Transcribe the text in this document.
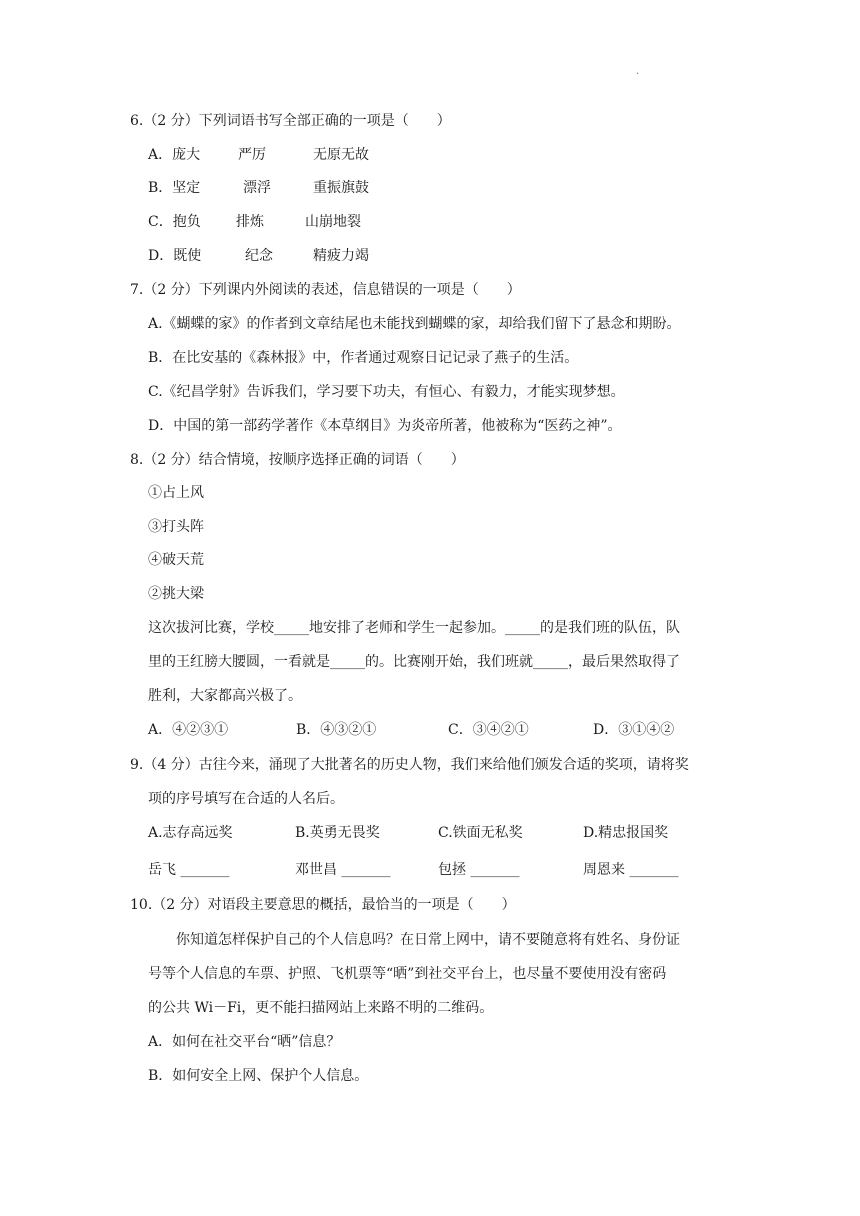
.
6.（2 分）下列词语书写全部正确的一项是（　　）
A．庞大	严厉	无原无故
B．坚定	漂浮	重振旗鼓
C．抱负	排炼	山崩地裂
D．既使	纪念	精疲力竭
7.（2 分）下列课内外阅读的表述，信息错误的一项是（　　）
A.《蝴蝶的家》的作者到文章结尾也未能找到蝴蝶的家，却给我们留下了悬念和期盼。
B．在比安基的《森林报》中，作者通过观察日记记录了燕子的生活。
C.《纪昌学射》告诉我们，学习要下功夫，有恒心、有毅力，才能实现梦想。
D．中国的第一部药学著作《本草纲目》为炎帝所著，他被称为“医药之神”。
8.（2 分）结合情境，按顺序选择正确的词语（　　）
①占上风
③打头阵
④破天荒
②挑大梁
这次拔河比赛，学校_____地安排了老师和学生一起参加。_____的是我们班的队伍，队
里的王红膀大腰圆，一看就是_____的。比赛刚开始，我们班就_____，最后果然取得了
胜利，大家都高兴极了。
A．④②③①	B．④③②①	C．③④②①	D．③①④②
9.（4 分）古往今来，涌现了大批著名的历史人物，我们来给他们颁发合适的奖项，请将奖
项的序号填写在合适的人名后。
A.志存高远奖	B.英勇无畏奖	C.铁面无私奖	D.精忠报国奖
岳飞 _______	邓世昌 _______	包拯 _______	周恩来 _______
10.（2 分）对语段主要意思的概括，最恰当的一项是（　　）
你知道怎样保护自己的个人信息吗？在日常上网中，请不要随意将有姓名、身份证
号等个人信息的车票、护照、飞机票等“晒”到社交平台上，也尽量不要使用没有密码
的公共 Wi－Fi，更不能扫描网站上来路不明的二维码。
A．如何在社交平台“晒”信息？
B．如何安全上网、保护个人信息。
